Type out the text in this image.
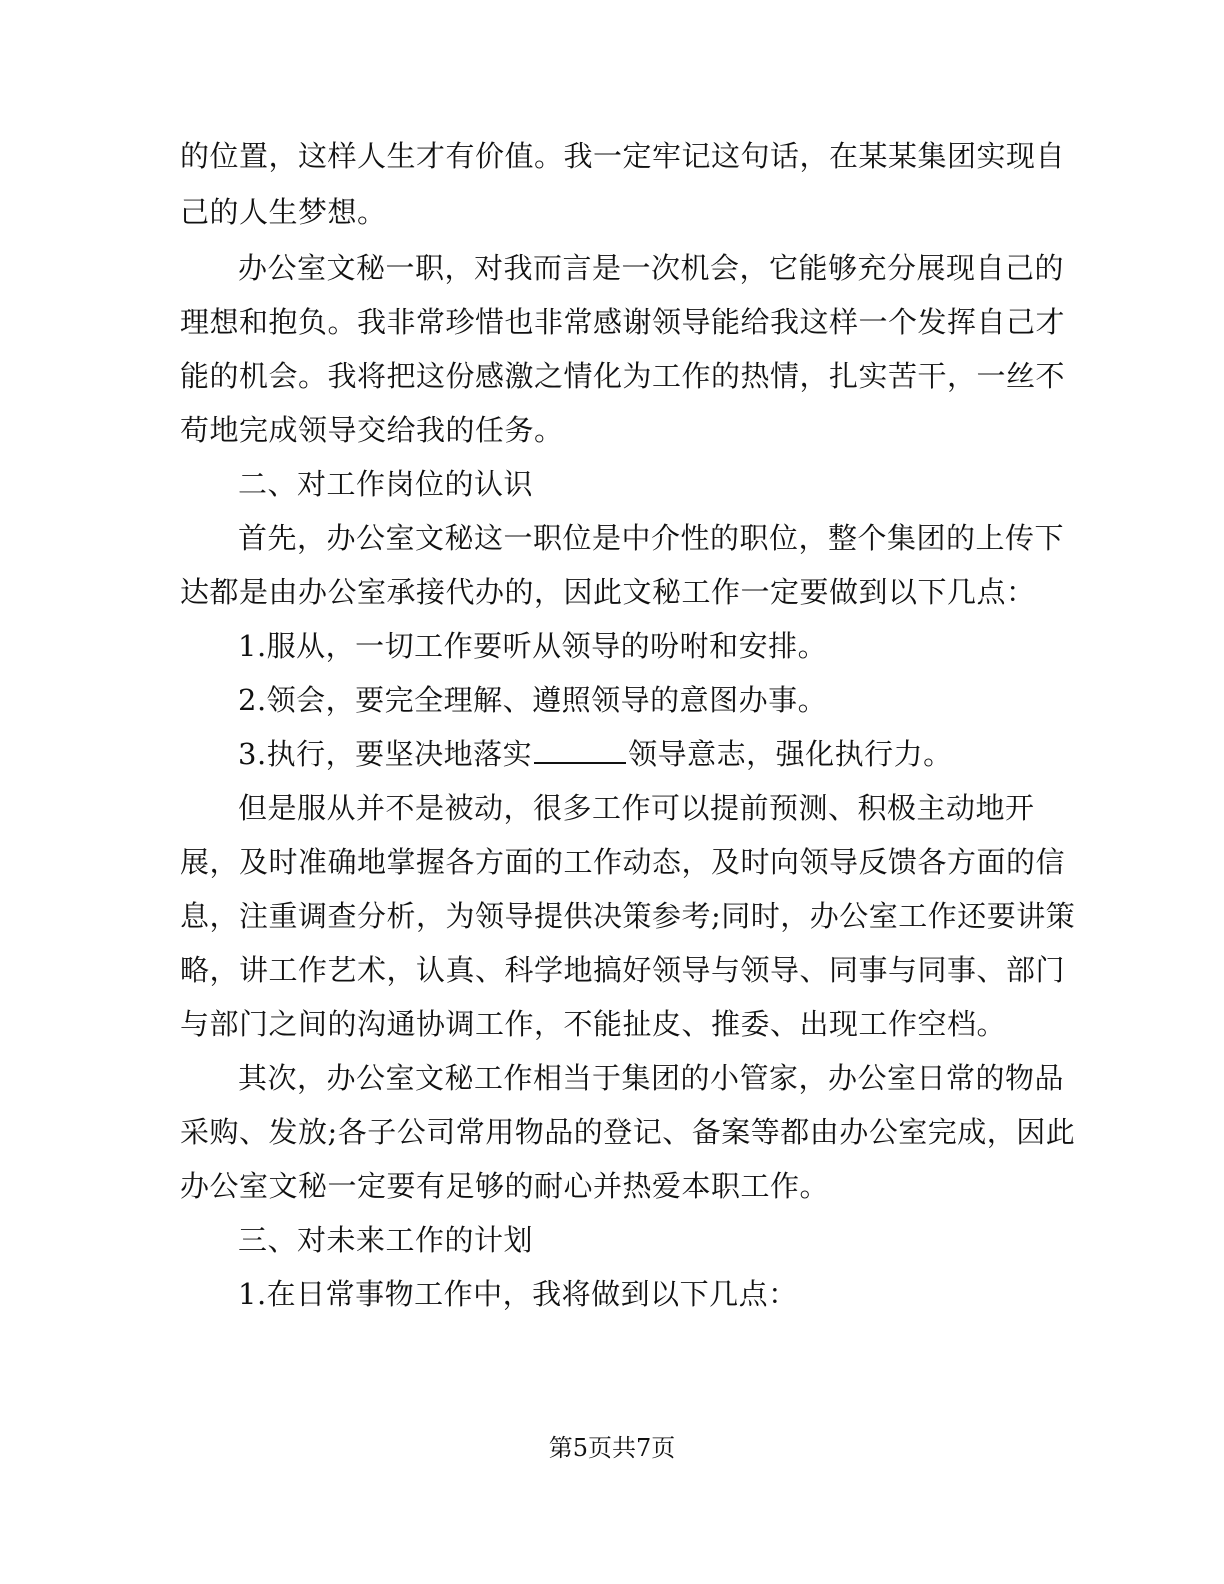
的位置，这样人生才有价值。我一定牢记这句话，在某某集团实现自
己的人生梦想。
办公室文秘一职，对我而言是一次机会，它能够充分展现自己的
理想和抱负。我非常珍惜也非常感谢领导能给我这样一个发挥自己才
能的机会。我将把这份感激之情化为工作的热情，扎实苦干，一丝不
苟地完成领导交给我的任务。
二、对工作岗位的认识
首先，办公室文秘这一职位是中介性的职位，整个集团的上传下
达都是由办公室承接代办的，因此文秘工作一定要做到以下几点：
1.服从，一切工作要听从领导的吩咐和安排。
2.领会，要完全理解、遵照领导的意图办事。
3.执行，要坚决地落实	领导意志，强化执行力。
但是服从并不是被动，很多工作可以提前预测、积极主动地开
展，及时准确地掌握各方面的工作动态，及时向领导反馈各方面的信
息，注重调查分析，为领导提供决策参考;同时，办公室工作还要讲策
略，讲工作艺术，认真、科学地搞好领导与领导、同事与同事、部门
与部门之间的沟通协调工作，不能扯皮、推委、出现工作空档。
其次，办公室文秘工作相当于集团的小管家，办公室日常的物品
采购、发放;各子公司常用物品的登记、备案等都由办公室完成，因此
办公室文秘一定要有足够的耐心并热爱本职工作。
三、对未来工作的计划
1.在日常事物工作中，我将做到以下几点：
第5页共7页
